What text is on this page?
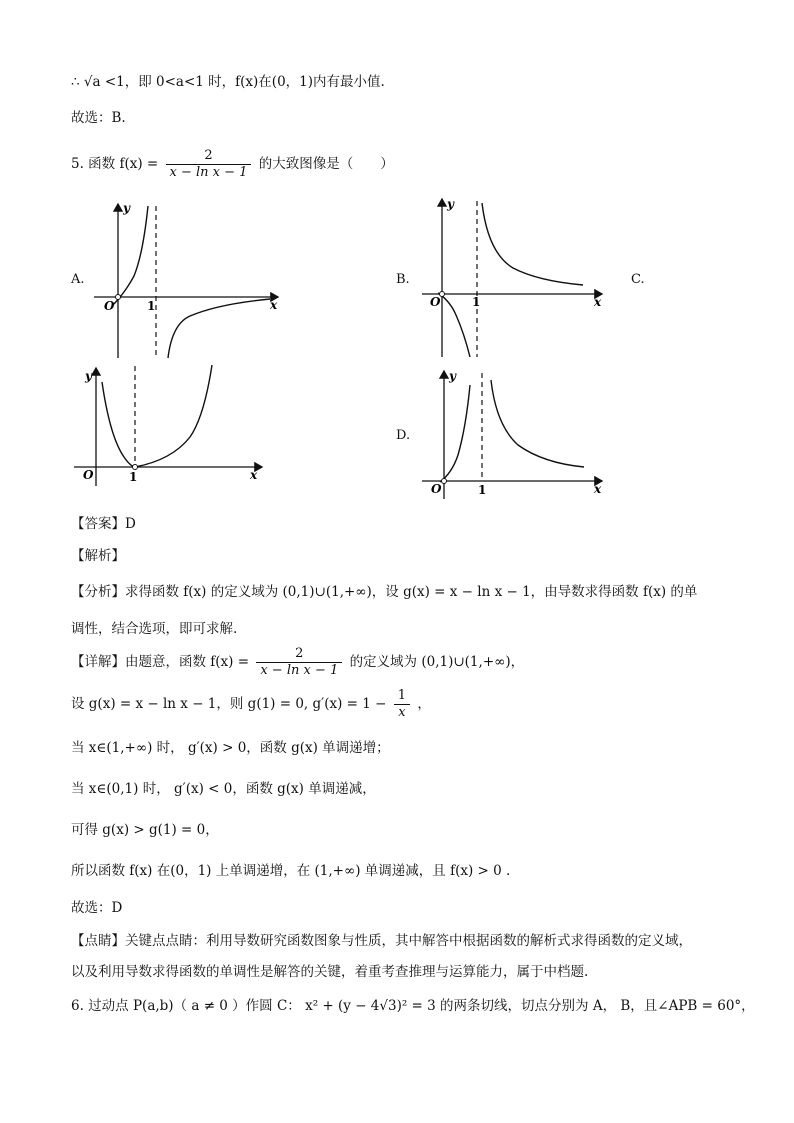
∴ √a <1，即 0<a<1 时，f(x)在(0，1)内有最小值.
故选：B.
5. 函数 $f(x) = \frac{2}{\text{x − ln x − 1}}$ 的大致图像是（　　）
A.	B.	C.
D.
O	1	x
y
O	1	x
y
O	1	x
y
O	1	x
y
【答案】D
【解析】
【分析】求得函数 f(x) 的定义域为 (0,1)∪(1,+∞)，设 g(x) = x − ln x − 1，由导数求得函数 f(x) 的单
调性，结合选项，即可求解.
【详解】由题意，函数 $f(x) = \frac{2}{\text{x − ln x − 1}}$ 的定义域为 (0,1)∪(1,+∞)，
设 g(x) = x − ln x − 1，则 g(1) = 0, $g'(x) = 1 - \frac{1}{x}$ ，
当 x∈(1,+∞) 时， g′(x) > 0，函数 g(x) 单调递增；
当 x∈(0,1) 时， g′(x) < 0，函数 g(x) 单调递减，
可得 g(x) > g(1) = 0，
所以函数 f(x) 在(0，1) 上单调递增，在 (1,+∞) 单调递减，且 f(x) > 0 .
故选：D
【点睛】关键点点睛：利用导数研究函数图象与性质，其中解答中根据函数的解析式求得函数的定义域，
以及利用导数求得函数的单调性是解答的关键，着重考查推理与运算能力，属于中档题.
6. 过动点 P(a,b)（ a ≠ 0 ）作圆 C： x² + (y − 4√3)² = 3 的两条切线，切点分别为 A， B，且∠APB = 60°，
